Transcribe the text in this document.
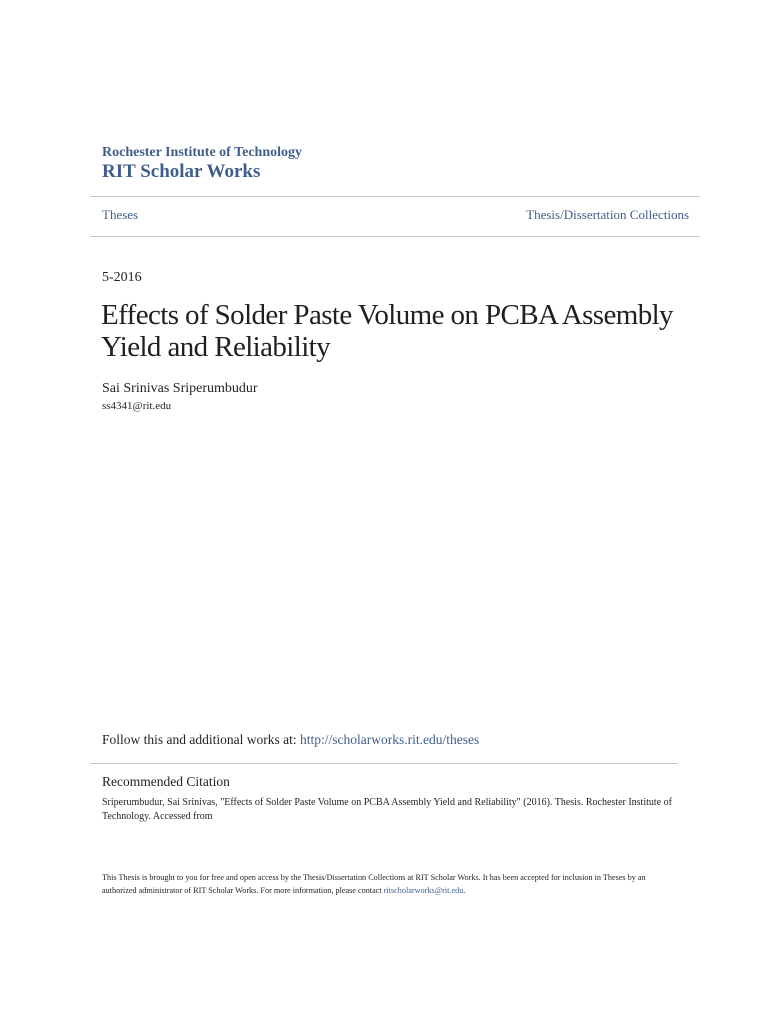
Rochester Institute of Technology
RIT Scholar Works
Theses	Thesis/Dissertation Collections
5-2016
Effects of Solder Paste Volume on PCBA Assembly Yield and Reliability
Sai Srinivas Sriperumbudur
ss4341@rit.edu
Follow this and additional works at: http://scholarworks.rit.edu/theses
Recommended Citation
Sriperumbudur, Sai Srinivas, "Effects of Solder Paste Volume on PCBA Assembly Yield and Reliability" (2016). Thesis. Rochester Institute of Technology. Accessed from
This Thesis is brought to you for free and open access by the Thesis/Dissertation Collections at RIT Scholar Works. It has been accepted for inclusion in Theses by an authorized administrator of RIT Scholar Works. For more information, please contact ritscholarworks@rit.edu.
